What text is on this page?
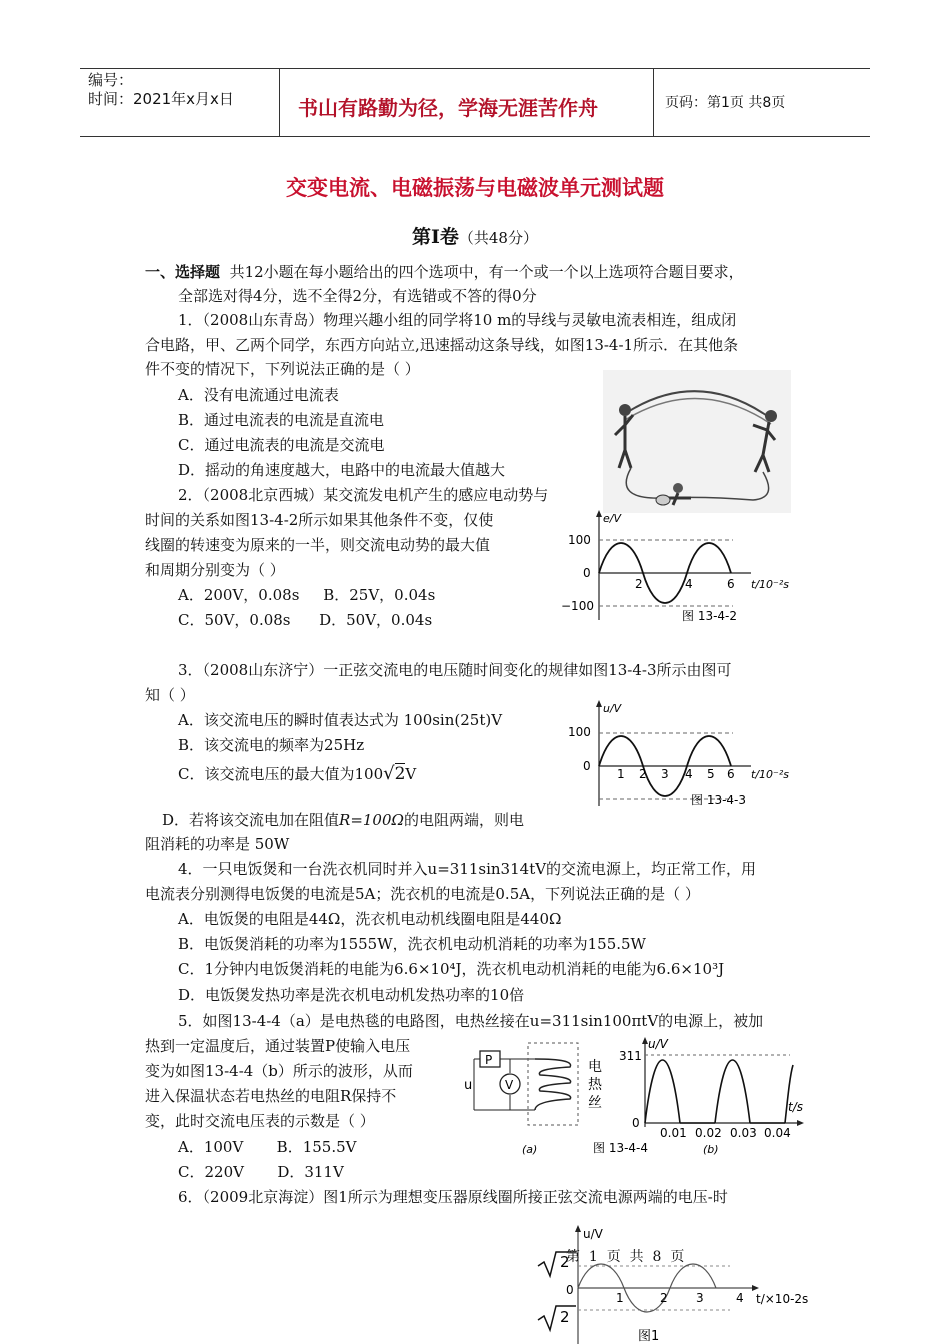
编号：
时间：2021年x月x日	书山有路勤为径，学海无涯苦作舟	页码：第1页 共8页
交变电流、电磁振荡与电磁波单元测试题
第Ⅰ卷（共48分）
一、选择题 共12小题在每小题给出的四个选项中，有一个或一个以上选项符合题目要求，
全部选对得4分，选不全得2分，有选错或不答的得0分
1．（2008山东青岛）物理兴趣小组的同学将10 m的导线与灵敏电流表相连，组成闭
合电路，甲、乙两个同学，东西方向站立,迅速摇动这条导线，如图13-4-1所示．在其他条
件不变的情况下，下列说法正确的是（ ）
A．没有电流通过电流表
B．通过电流表的电流是直流电
C．通过电流表的电流是交流电
D．摇动的角速度越大，电路中的电流最大值越大
2．（2008北京西城）某交流发电机产生的感应电动势与
时间的关系如图13-4-2所示如果其他条件不变，仅使
线圈的转速变为原来的一半，则交流电动势的最大值
和周期分别变为（ ）
A．200V，0.08s     B．25V，0.04s
C．50V，0.08s      D．50V，0.04s
e/V
100
0
−100
2	4	6 t/10⁻²s
图 13-4-2
3．（2008山东济宁）一正弦交流电的电压随时间变化的规律如图13-4-3所示由图可
知（ ）
A．该交流电压的瞬时值表达式为 100sin(25t)V
B．该交流电的频率为25Hz
C．该交流电压的最大值为100√2V
D．若将该交流电加在阻值R=100Ω的电阻两端，则电
阻消耗的功率是 50W
u/V
100
0
1 2 3 4 5 6 t/10⁻²s
图 13-4-3
4．一只电饭煲和一台洗衣机同时并入u=311sin314tV的交流电源上，均正常工作，用
电流表分别测得电饭煲的电流是5A；洗衣机的电流是0.5A，下列说法正确的是（ ）
A．电饭煲的电阻是44Ω，洗衣机电动机线圈电阻是440Ω
B．电饭煲消耗的功率为1555W，洗衣机电动机消耗的功率为155.5W
C．1分钟内电饭煲消耗的电能为6.6×10⁴J，洗衣机电动机消耗的电能为6.6×10³J
D．电饭煲发热功率是洗衣机电动机发热功率的10倍
5．如图13-4-4（a）是电热毯的电路图，电热丝接在u=311sin100πtV的电源上，被加
热到一定温度后，通过装置P使输入电压
变为如图13-4-4（b）所示的波形，从而
进入保温状态若电热丝的电阻R保持不
变，此时交流电压表的示数是（ ）
A．100V       B．155.5V
C．220V       D．311V
P
u	V
电
热
丝
(a)	图 13-4-4	(b)
u/V
311
0
0.01 0.02 0.03 0.04
t/s
6．（2009北京海淀）图1所示为理想变压器原线圈所接正弦交流电源两端的电压-时
u/V
2
0
2
1	2 3	4 t/×10-2s
图1
第  1  页  共  8  页
